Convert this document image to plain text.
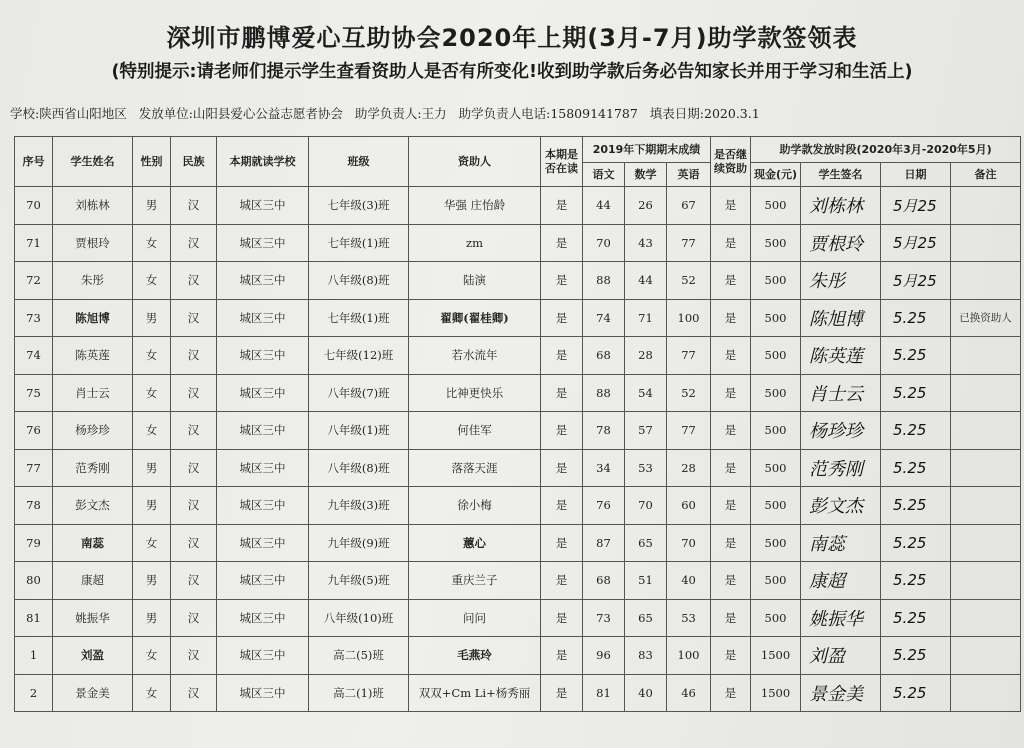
深圳市鹏博爱心互助协会2020年上期(3月-7月)助学款签领表
(特别提示:请老师们提示学生查看资助人是否有所变化!收到助学款后务必告知家长并用于学习和生活上)
学校:陕西省山阳地区 发放单位:山阳县爱心公益志愿者协会 助学负责人:王力 助学负责人电话:15809141787 填表日期:2020.3.1
序号	学生姓名	性别	民族	本期就读学校	班级	资助人	本期是否在读	2019年下期期末成绩			是否继续资助	助学款发放时段(2020年3月-2020年5月)			
								语文	数学	英语		现金(元)	学生签名	日期	备注
70	刘栋林	男	汉	城区三中	七年级(3)班	华强 庄怡龄	是	44	26	67	是	500	刘栋林	5月25	
71	贾根玲	女	汉	城区三中	七年级(1)班	zm	是	70	43	77	是	500	贾根玲	5月25	
72	朱彤	女	汉	城区三中	八年级(8)班	陆演	是	88	44	52	是	500	朱彤	5月25	
73	陈旭博	男	汉	城区三中	七年级(1)班	翟卿(翟桂卿)	是	74	71	100	是	500	陈旭博	5.25	已换资助人
74	陈英莲	女	汉	城区三中	七年级(12)班	若水流年	是	68	28	77	是	500	陈英莲	5.25	
75	肖士云	女	汉	城区三中	八年级(7)班	比神更快乐	是	88	54	52	是	500	肖士云	5.25	
76	杨珍珍	女	汉	城区三中	八年级(1)班	何佳军	是	78	57	77	是	500	杨珍珍	5.25	
77	范秀刚	男	汉	城区三中	八年级(8)班	落落天涯	是	34	53	28	是	500	范秀刚	5.25	
78	彭文杰	男	汉	城区三中	九年级(3)班	徐小梅	是	76	70	60	是	500	彭文杰	5.25	
79	南蕊	女	汉	城区三中	九年级(9)班	蕙心	是	87	65	70	是	500	南蕊	5.25	
80	康超	男	汉	城区三中	九年级(5)班	重庆兰子	是	68	51	40	是	500	康超	5.25	
81	姚振华	男	汉	城区三中	八年级(10)班	问问	是	73	65	53	是	500	姚振华	5.25	
1	刘盈	女	汉	城区三中	高二(5)班	毛燕玲	是	96	83	100	是	1500	刘盈	5.25	
2	景金美	女	汉	城区三中	高二(1)班	双双+Cm Li+杨秀丽	是	81	40	46	是	1500	景金美	5.25	
